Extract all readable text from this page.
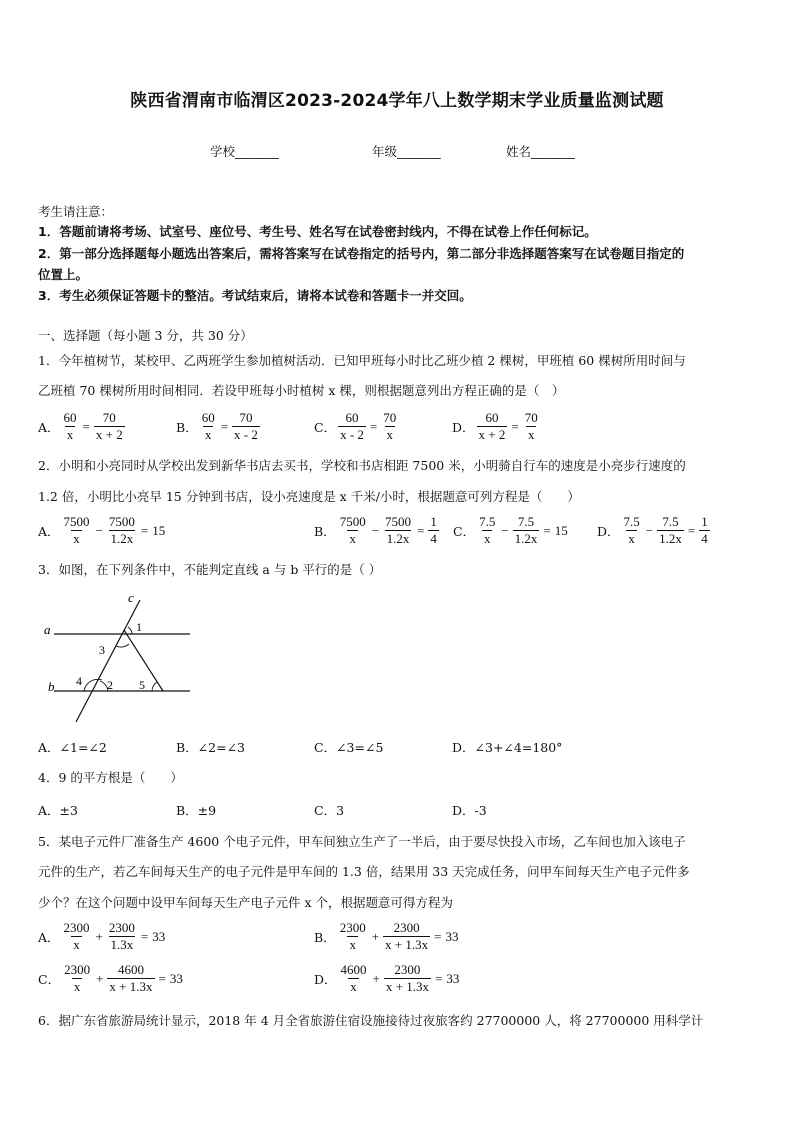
陕西省渭南市临渭区2023-2024学年八上数学期末学业质量监测试题
学校_______	年级_______	姓名_______
考生请注意：
1．答题前请将考场、试室号、座位号、考生号、姓名写在试卷密封线内，不得在试卷上作任何标记。
2．第一部分选择题每小题选出答案后，需将答案写在试卷指定的括号内，第二部分非选择题答案写在试卷题目指定的
位置上。
3．考生必须保证答题卡的整洁。考试结束后，请将本试卷和答题卡一并交回。
一、选择题（每小题 3 分，共 30 分）
1．今年植树节，某校甲、乙两班学生参加植树活动．已知甲班每小时比乙班少植 2 棵树，甲班植 60 棵树所用时间与
乙班植 70 棵树所用时间相同．若设甲班每小时植树 x 棵，则根据题意列出方程正确的是（　）
A． $\frac{60}{x} = \frac{70}{x + 2}$	B． $\frac{60}{x} = \frac{70}{x - 2}$	C． $\frac{60}{x - 2} = \frac{70}{x}$	D． $\frac{60}{x + 2} = \frac{70}{x}$
2．小明和小亮同时从学校出发到新华书店去买书，学校和书店相距 7500 米，小明骑自行车的速度是小亮步行速度的
1.2 倍，小明比小亮早 15 分钟到书店，设小亮速度是 x 千米/小时，根据题意可列方程是（　　）
A． $\frac{7500}{x} - \frac{7500}{1.2x} = 15$	B． $\frac{7500}{x} - \frac{7500}{1.2x} = \frac{1}{4}$ C． $\frac{7.5}{x} - \frac{7.5}{1.2x} = 15$ D． $\frac{7.5}{x} - \frac{7.5}{1.2x} = \frac{1}{4}$
3．如图，在下列条件中，不能判定直线 a 与 b 平行的是（ ）
a
b
c
1
3
4 2 5
A．∠1=∠2	B．∠2=∠3	C．∠3=∠5	D．∠3+∠4=180°
4．9 的平方根是（　　）
A．±3	B．±9	C．3	D．-3
5．某电子元件厂准备生产 4600 个电子元件，甲车间独立生产了一半后，由于要尽快投入市场，乙车间也加入该电子
元件的生产，若乙车间每天生产的电子元件是甲车间的 1.3 倍，结果用 33 天完成任务，问甲车间每天生产电子元件多
少个？在这个问题中设甲车间每天生产电子元件 x 个，根据题意可得方程为
A． $\frac{2300}{x} + \frac{2300}{1.3x} = 33$	B． $\frac{2300}{x} + \frac{2300}{x + 1.3x} = 33$
C． $\frac{2300}{x} + \frac{4600}{x + 1.3x} = 33$	D． $\frac{4600}{x} + \frac{2300}{x + 1.3x} = 33$
6．据广东省旅游局统计显示，2018 年 4 月全省旅游住宿设施接待过夜旅客约 27700000 人，将 27700000 用科学计
